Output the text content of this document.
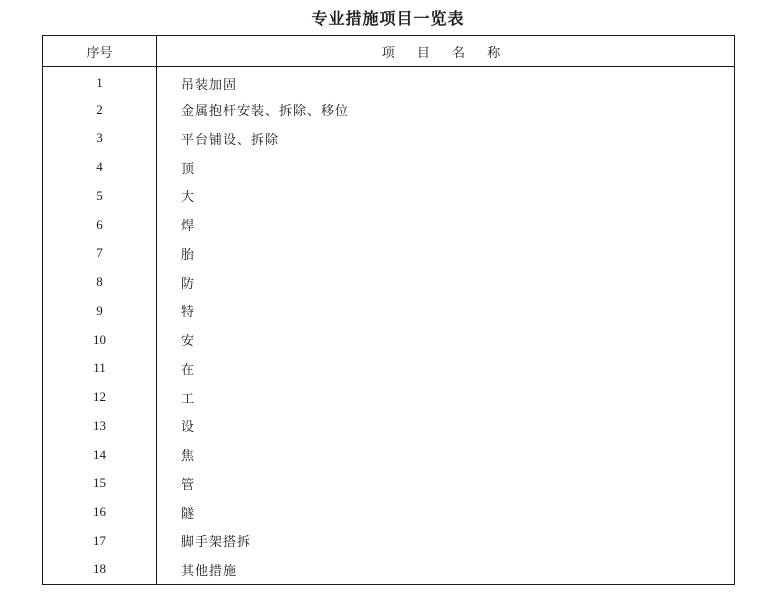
专业措施项目一览表
序号	项 目 名 称
1	吊装加固
2	金属抱杆安装、拆除、移位
3	平台铺设、拆除
4	顶
5	大
6	焊
7	胎
8	防
9	特
10	安
11	在
12	工
13	设
14	焦
15	管
16	隧
17	脚手架搭拆
18	其他措施
